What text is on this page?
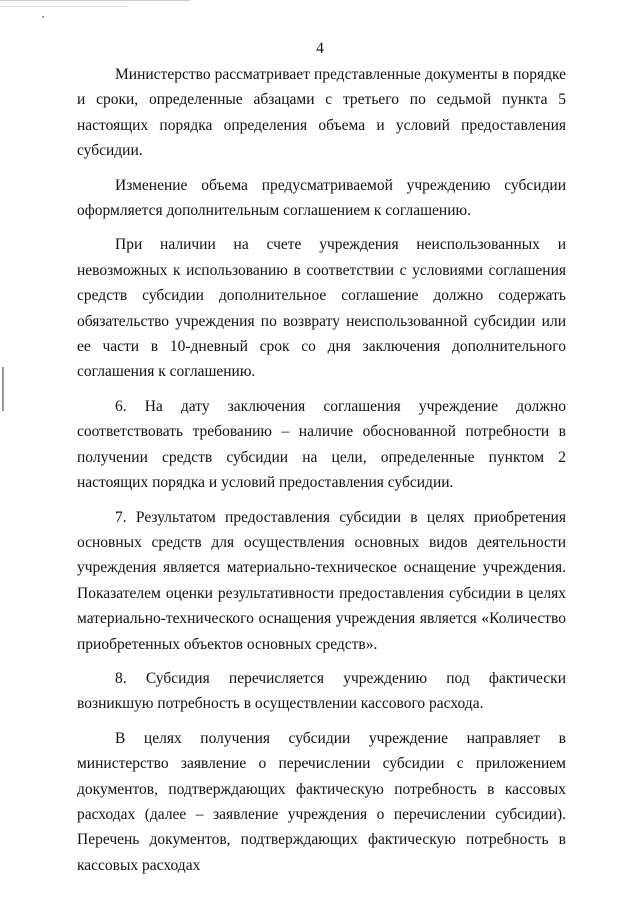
4

Министерство рассматривает представленные документы в порядке и сроки, определенные абзацами с третьего по седьмой пункта 5 настоящих порядка определения объема и условий предоставления субсидии.

Изменение объема предусматриваемой учреждению субсидии оформляется дополнительным соглашением к соглашению.

При наличии на счете учреждения неиспользованных и невозможных к использованию в соответствии с условиями соглашения средств субсидии дополнительное соглашение должно содержать обязательство учреждения по возврату неиспользованной субсидии или ее части в 10-дневный срок со дня заключения дополнительного соглашения к соглашению.

6. На дату заключения соглашения учреждение должно соответствовать требованию – наличие обоснованной потребности в получении средств субсидии на цели, определенные пунктом 2 настоящих порядка и условий предоставления субсидии.

7. Результатом предоставления субсидии в целях приобретения основных средств для осуществления основных видов деятельности учреждения является материально-техническое оснащение учреждения. Показателем оценки результативности предоставления субсидии в целях материально-технического оснащения учреждения является «Количество приобретенных объектов основных средств».

8. Субсидия перечисляется учреждению под фактически возникшую потребность в осуществлении кассового расхода.

В целях получения субсидии учреждение направляет в министерство заявление о перечислении субсидии с приложением документов, подтверждающих фактическую потребность в кассовых расходах (далее – заявление учреждения о перечислении субсидии). Перечень документов, подтверждающих фактическую потребность в кассовых расходах
